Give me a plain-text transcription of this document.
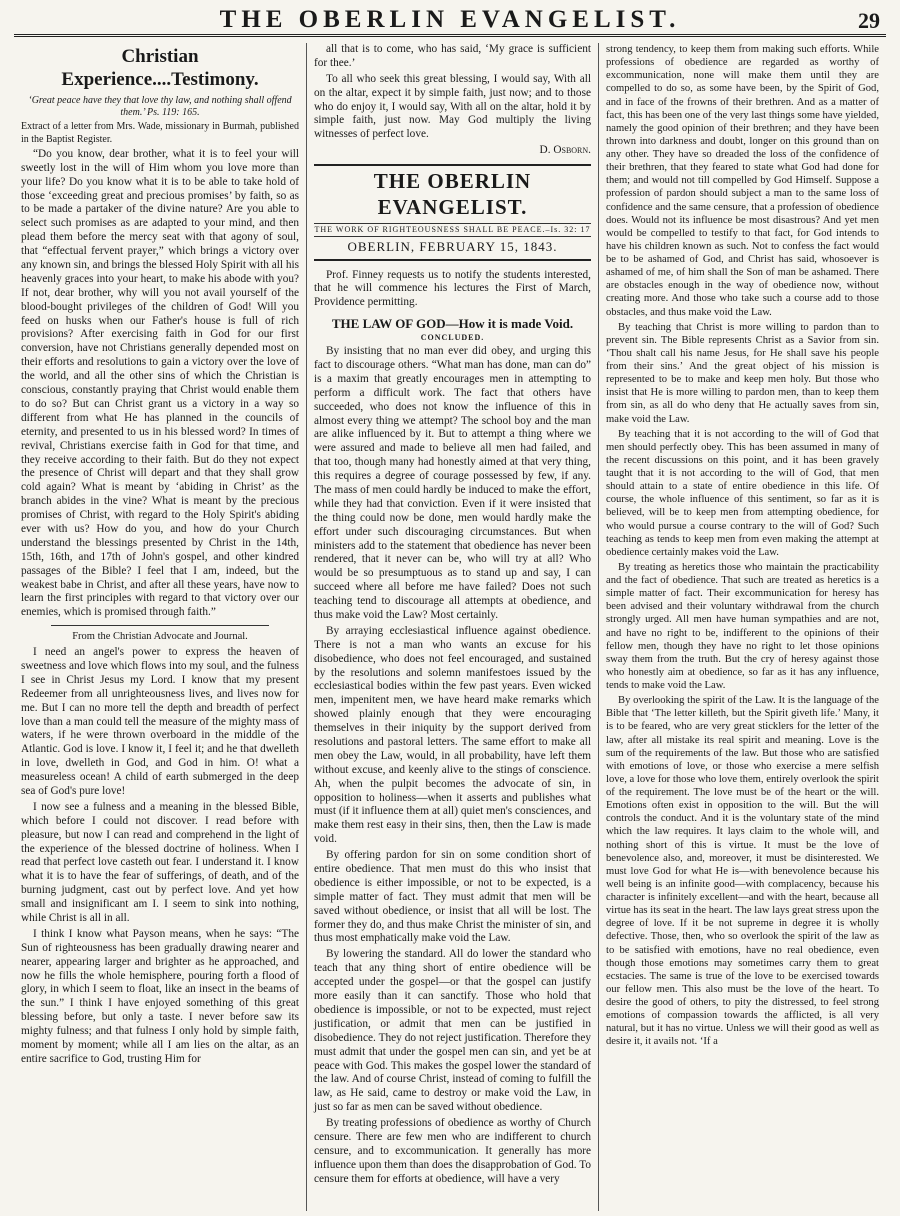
THE OBERLIN EVANGELIST.	29
Christian Experience....Testimony.

‘Great peace have they that love thy law, and nothing shall offend them.’ Ps. 119: 165.

Extract of a letter from Mrs. Wade, missionary in Burmah, published in the Baptist Register.

“Do you know, dear brother, what it is to feel your will sweetly lost in the will of Him whom you love more than your life? Do you know what it is to be able to take hold of those ‘exceeding great and precious promises’ by faith, so as to be made a partaker of the divine nature? Are you able to select such promises as are adapted to your mind, and then plead them before the mercy seat with that agony of soul, that “effectual fervent prayer,” which brings a victory over any known sin, and brings the blessed Holy Spirit with all his heavenly graces into your heart, to make his abode with you? If not, dear brother, why will you not avail yourself of the blood-bought privileges of the children of God! Will you feed on husks when our Father's house is full of rich provisions? After exercising faith in God for our first conversion, have not Christians generally depended most on their efforts and resolutions to gain a victory over the love of the world, and all the other sins of which the Christian is conscious, constantly praying that Christ would enable them to do so? But can Christ grant us a victory in a way so different from what He has planned in the councils of eternity, and presented to us in his blessed word? In times of revival, Christians exercise faith in God for that time, and they receive according to their faith. But do they not expect the presence of Christ will depart and that they shall grow cold again? What is meant by ‘abiding in Christ’ as the branch abides in the vine? What is meant by the precious promises of Christ, with regard to the Holy Spirit's abiding ever with us? How do you, and how do your Church understand the blessings presented by Christ in the 14th, 15th, 16th, and 17th of John's gospel, and other kindred passages of the Bible? I feel that I am, indeed, but the weakest babe in Christ, and after all these years, have now to learn the first principles with regard to that victory over our enemies, which is promised through faith.”

From the Christian Advocate and Journal.

I need an angel's power to express the heaven of sweetness and love which flows into my soul, and the fulness I see in Christ Jesus my Lord. I know that my present Redeemer from all unrighteousness lives, and lives now for me. But I can no more tell the depth and breadth of perfect love than a man could tell the measure of the mighty mass of waters, if he were thrown overboard in the middle of the Atlantic. God is love. I know it, I feel it; and he that dwelleth in love, dwelleth in God, and God in him. O! what a measureless ocean! A child of earth submerged in the deep sea of God's pure love!

I now see a fulness and a meaning in the blessed Bible, which before I could not discover. I read before with pleasure, but now I can read and comprehend in the light of the experience of the blessed doctrine of holiness. When I read that perfect love casteth out fear. I understand it. I know what it is to have the fear of sufferings, of death, and of the burning judgment, cast out by perfect love. And yet how small and insignificant am I. I seem to sink into nothing, while Christ is all in all.

I think I know what Payson means, when he says: “The Sun of righteousness has been gradually drawing nearer and nearer, appearing larger and brighter as he approached, and now he fills the whole hemisphere, pouring forth a flood of glory, in which I seem to float, like an insect in the beams of the sun.” I think I have enjoyed something of this great blessing before, but only a taste. I never before saw its mighty fulness; and that fulness I only hold by simple faith, moment by moment; while all I am lies on the altar, as an entire sacrifice to God, trusting Him for

all that is to come, who has said, ‘My grace is sufficient for thee.’

To all who seek this great blessing, I would say, With all on the altar, expect it by simple faith, just now; and to those who do enjoy it, I would say, With all on the altar, hold it by simple faith, just now. May God multiply the living witnesses of perfect love.

D. Osborn.

THE OBERLIN EVANGELIST.
THE WORK OF RIGHTEOUSNESS SHALL BE PEACE.–Is. 32: 17
OBERLIN, FEBRUARY 15, 1843.

Prof. Finney requests us to notify the students interested, that he will commence his lectures the First of March, Providence permitting.

THE LAW OF GOD—How it is made Void.
CONCLUDED.

By insisting that no man ever did obey, and urging this fact to discourage others. “What man has done, man can do” is a maxim that greatly encourages men in attempting to perform a difficult work. The fact that others have succeeded, who does not know the influence of this in almost every thing we attempt? The school boy and the man are alike influenced by it. But to attempt a thing where we were assured and made to believe all men had failed, and that too, though many had honestly aimed at that very thing, this requires a degree of courage possessed by few, if any. The mass of men could hardly be induced to make the effort, while they had that conviction. Even if it were insisted that the thing could now be done, men would hardly make the effort under such discouraging circumstances. But when ministers add to the statement that obedience has never been rendered, that it never can be, who will try at all? Who would be so presumptuous as to stand up and say, I can succeed where all before me have failed? Does not such teaching tend to discourage all attempts at obedience, and thus make void the Law? Most certainly.

By arraying ecclesiastical influence against obedience. There is not a man who wants an excuse for his disobedience, who does not feel encouraged, and sustained by the resolutions and solemn manifestoes issued by the ecclesiastical bodies within the few past years. Even wicked men, impenitent men, we have heard make remarks which showed plainly enough that they were encouraging themselves in their iniquity by the support derived from resolutions and pastoral letters. The same effort to make all men obey the Law, would, in all probability, have left them without excuse, and keenly alive to the stings of conscience. Ah, when the pulpit becomes the advocate of sin, in opposition to holiness—when it asserts and publishes what must (if it influence them at all) quiet men's consciences, and make them rest easy in their sins, then, then the Law is made void.

By offering pardon for sin on some condition short of entire obedience. That men must do this who insist that obedience is either impossible, or not to be expected, is a simple matter of fact. They must admit that men will be saved without obedience, or insist that all will be lost. The former they do, and thus make Christ the minister of sin, and thus most emphatically make void the Law.

By lowering the standard. All do lower the standard who teach that any thing short of entire obedience will be accepted under the gospel—or that the gospel can justify more easily than it can sanctify. Those who hold that obedience is impossible, or not to be expected, must reject justification, or admit that men can be justified in disobedience. They do not reject justification. Therefore they must admit that under the gospel men can sin, and yet be at peace with God. This makes the gospel lower the standard of the law. And of course Christ, instead of coming to fulfill the law, as He said, came to destroy or make void the Law, in just so far as men can be saved without obedience.

By treating professions of obedience as worthy of Church censure. There are few men who are indifferent to church censure, and to excommunication. It generally has more influence upon them than does the disapprobation of God. To censure them for efforts at obedience, will have a very

strong tendency, to keep them from making such efforts. While professions of obedience are regarded as worthy of excommunication, none will make them until they are compelled to do so, as some have been, by the Spirit of God, and in face of the frowns of their brethren. And as a matter of fact, this has been one of the very last things some have yielded, namely the good opinion of their brethren; and they have been thrown into darkness and doubt, longer on this ground than on any other. They have so dreaded the loss of the confidence of their brethren, that they feared to state what God had done for them; and would not till compelled by God Himself. Suppose a profession of pardon should subject a man to the same loss of confidence and the same censure, that a profession of obedience does. Would not its influence be most disastrous? And yet men would be compelled to testify to that fact, for God intends to have his children known as such. Not to confess the fact would be to be ashamed of God, and Christ has said, whosoever is ashamed of me, of him shall the Son of man be ashamed. There are obstacles enough in the way of obedience now, without creating more. And those who take such a course add to those obstacles, and thus make void the Law.

By teaching that Christ is more willing to pardon than to prevent sin. The Bible represents Christ as a Savior from sin. ‘Thou shalt call his name Jesus, for He shall save his people from their sins.’ And the great object of his mission is represented to be to make and keep men holy. But those who insist that He is more willing to pardon men, than to keep them from sin, as all do who deny that He actually saves from sin, make void the Law.

By teaching that it is not according to the will of God that men should perfectly obey. This has been assumed in many of the recent discussions on this point, and it has been gravely taught that it is not according to the will of God, that men should attain to a state of entire obedience in this life. Of course, the whole influence of this sentiment, so far as it is believed, will be to keep men from attempting obedience, for who would pursue a course contrary to the will of God? Such teaching as tends to keep men from even making the attempt at obedience certainly makes void the Law.

By treating as heretics those who maintain the practicability and the fact of obedience. That such are treated as heretics is a simple matter of fact. Their excommunication for heresy has been advised and their voluntary withdrawal from the church strongly urged. All men have human sympathies and are not, and have no right to be, indifferent to the opinions of their fellow men, though they have no right to let those opinions sway them from the truth. But the cry of heresy against those who honestly aim at obedience, so far as it has any influence, tends to make void the Law.

By overlooking the spirit of the Law. It is the language of the Bible that ‘The letter killeth, but the Spirit giveth life.’ Many, it is to be feared, who are very great sticklers for the letter of the law, after all mistake its real spirit and meaning. Love is the sum of the requirements of the law. But those who are satisfied with emotions of love, or those who exercise a mere selfish love, a love for those who love them, entirely overlook the spirit of the requirement. The love must be of the heart or the will. Emotions often exist in opposition to the will. But the will controls the conduct. And it is the voluntary state of the mind which the law requires. It lays claim to the whole will, and nothing short of this is virtue. It must be the love of benevolence also, and, moreover, it must be disinterested. We must love God for what He is—with benevolence because his well being is an infinite good—with complacency, because his character is infinitely excellent—and with the heart, because all virtue has its seat in the heart. The law lays great stress upon the degree of love. If it be not supreme in degree it is wholly defective. Those, then, who so overlook the spirit of the law as to be satisfied with emotions, have no real obedience, even though those emotions may sometimes carry them to great ecstacies. The same is true of the love to be exercised towards our fellow men. This also must be the love of the heart. To desire the good of others, to pity the distressed, to feel strong emotions of compassion towards the afflicted, is all very natural, but it has no virtue. Unless we will their good as well as desire it, it avails not. ‘If a
